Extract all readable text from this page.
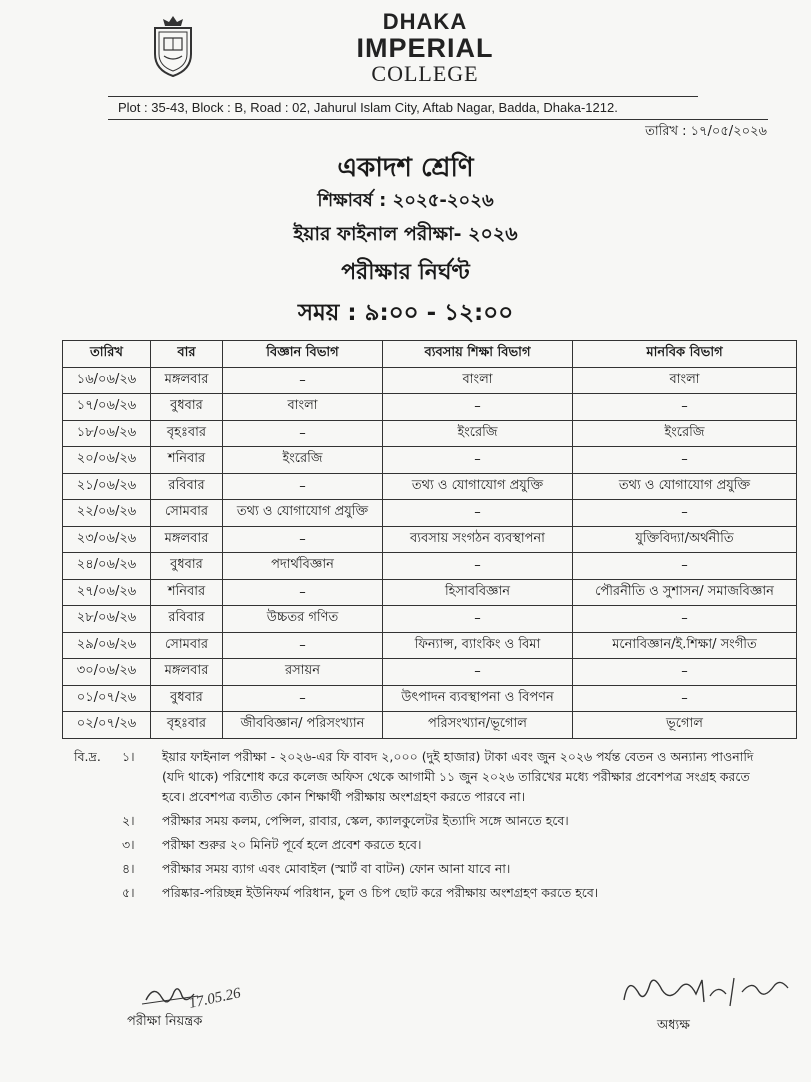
DHAKA
IMPERIAL
COLLEGE
Plot : 35-43, Block : B, Road : 02, Jahurul Islam City, Aftab Nagar, Badda, Dhaka-1212.
তারিখ : ১৭/০৫/২০২৬
একাদশ শ্রেণি
শিক্ষাবর্ষ : ২০২৫-২০২৬
ইয়ার ফাইনাল পরীক্ষা- ২০২৬
পরীক্ষার নির্ঘণ্ট
সময় : ৯:০০ - ১২:০০
তারিখ	বার	বিজ্ঞান বিভাগ	ব্যবসায় শিক্ষা বিভাগ	মানবিক বিভাগ
১৬/০৬/২৬	মঙ্গলবার	–	বাংলা	বাংলা
১৭/০৬/২৬	বুধবার	বাংলা	–	–
১৮/০৬/২৬	বৃহঃবার	–	ইংরেজি	ইংরেজি
২০/০৬/২৬	শনিবার	ইংরেজি	–	–
২১/০৬/২৬	রবিবার	–	তথ্য ও যোগাযোগ প্রযুক্তি	তথ্য ও যোগাযোগ প্রযুক্তি
২২/০৬/২৬	সোমবার	তথ্য ও যোগাযোগ প্রযুক্তি	–	–
২৩/০৬/২৬	মঙ্গলবার	–	ব্যবসায় সংগঠন ব্যবস্থাপনা	যুক্তিবিদ্যা/অর্থনীতি
২৪/০৬/২৬	বুধবার	পদার্থবিজ্ঞান	–	–
২৭/০৬/২৬	শনিবার	–	হিসাববিজ্ঞান	পৌরনীতি ও সুশাসন/ সমাজবিজ্ঞান
২৮/০৬/২৬	রবিবার	উচ্চতর গণিত	–	–
২৯/০৬/২৬	সোমবার	–	ফিন্যান্স, ব্যাংকিং ও বিমা	মনোবিজ্ঞান/ই.শিক্ষা/ সংগীত
৩০/০৬/২৬	মঙ্গলবার	রসায়ন	–	–
০১/০৭/২৬	বুধবার	–	উৎপাদন ব্যবস্থাপনা ও বিপণন	–
০২/০৭/২৬	বৃহঃবার	জীববিজ্ঞান/ পরিসংখ্যান	পরিসংখ্যান/ভূগোল	ভূগোল
বি.দ্র. ১। ইয়ার ফাইনাল পরীক্ষা - ২০২৬-এর ফি বাবদ ২,০০০ (দুই হাজার) টাকা এবং জুন ২০২৬ পর্যন্ত বেতন ও অন্যান্য পাওনাদি (যদি থাকে) পরিশোধ করে কলেজ অফিস থেকে আগামী ১১ জুন ২০২৬ তারিখের মধ্যে পরীক্ষার প্রবেশপত্র সংগ্রহ করতে হবে। প্রবেশপত্র ব্যতীত কোন শিক্ষার্থী পরীক্ষায় অংশগ্রহণ করতে পারবে না।
২। পরীক্ষার সময় কলম, পেন্সিল, রাবার, স্কেল, ক্যালকুলেটর ইত্যাদি সঙ্গে আনতে হবে।
৩। পরীক্ষা শুরুর ২০ মিনিট পূর্বে হলে প্রবেশ করতে হবে।
৪। পরীক্ষার সময় ব্যাগ এবং মোবাইল (স্মার্ট বা বাটন) ফোন আনা যাবে না।
৫। পরিষ্কার-পরিচ্ছন্ন ইউনিফর্ম পরিধান, চুল ও চিপ ছোট করে পরীক্ষায় অংশগ্রহণ করতে হবে।
17.05.26
পরীক্ষা নিয়ন্ত্রক	অধ্যক্ষ
